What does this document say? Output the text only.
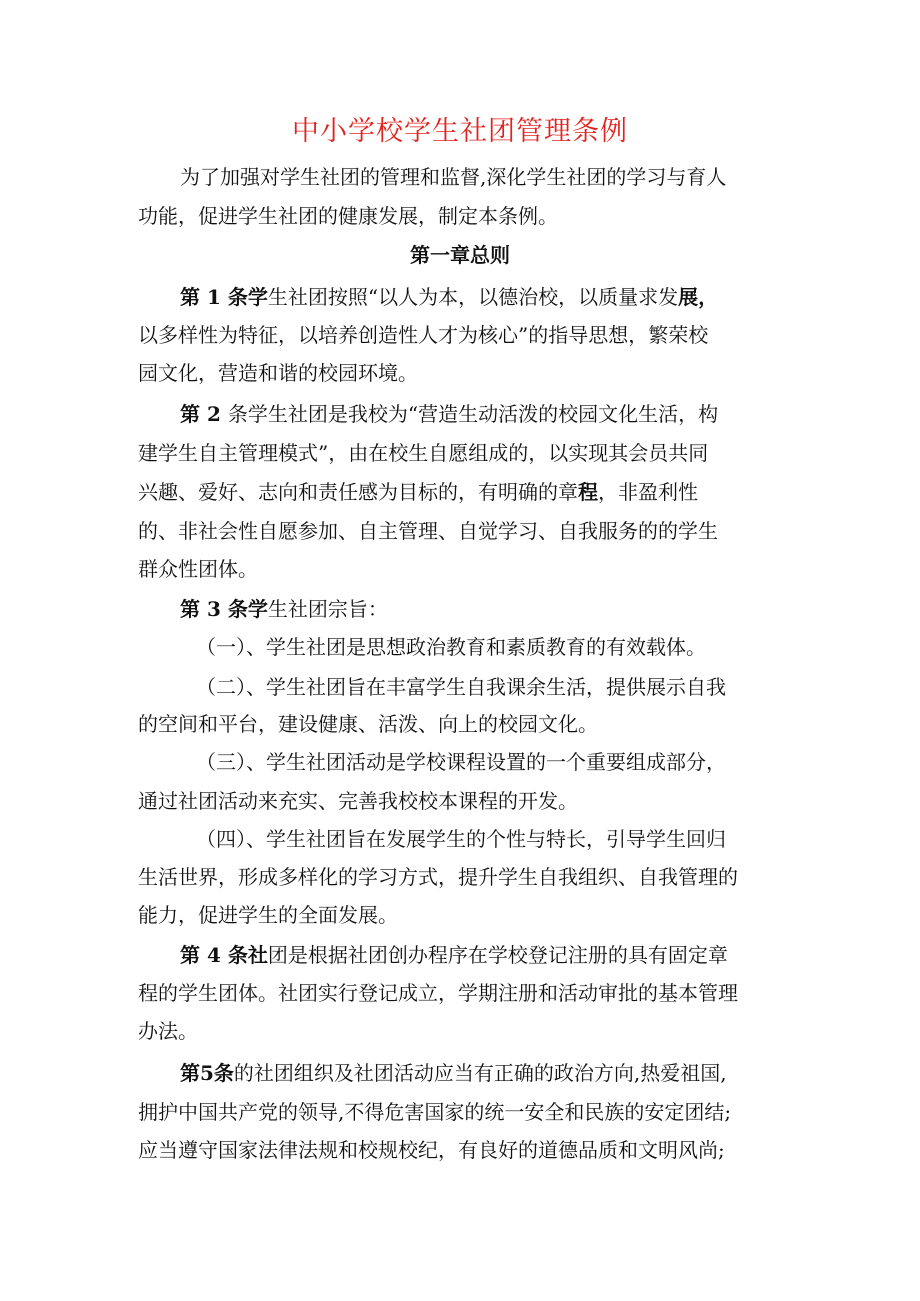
中小学校学生社团管理条例
为了加强对学生社团的管理和监督,深化学生社团的学习与育人
功能，促进学生社团的健康发展，制定本条例。
第一章总则
第 1 条学生社团按照“以人为本，以德治校，以质量求发展，
以多样性为特征，以培养创造性人才为核心”的指导思想，繁荣校
园文化，营造和谐的校园环境。
第 2 条学生社团是我校为“营造生动活泼的校园文化生活，构
建学生自主管理模式”，由在校生自愿组成的，以实现其会员共同
兴趣、爱好、志向和责任感为目标的，有明确的章程，非盈利性
的、非社会性自愿参加、自主管理、自觉学习、自我服务的的学生
群众性团体。
第 3 条学生社团宗旨：
（一）、学生社团是思想政治教育和素质教育的有效载体。
（二）、学生社团旨在丰富学生自我课余生活，提供展示自我
的空间和平台，建设健康、活泼、向上的校园文化。
（三）、学生社团活动是学校课程设置的一个重要组成部分，
通过社团活动来充实、完善我校校本课程的开发。
（四）、学生社团旨在发展学生的个性与特长，引导学生回归
生活世界，形成多样化的学习方式，提升学生自我组织、自我管理的
能力，促进学生的全面发展。
第 4 条社团是根据社团创办程序在学校登记注册的具有固定章
程的学生团体。社团实行登记成立，学期注册和活动审批的基本管理
办法。
第5条的社团组织及社团活动应当有正确的政治方向,热爱祖国,
拥护中国共产党的领导,不得危害国家的统一安全和民族的安定团结;
应当遵守国家法律法规和校规校纪，有良好的道德品质和文明风尚;
